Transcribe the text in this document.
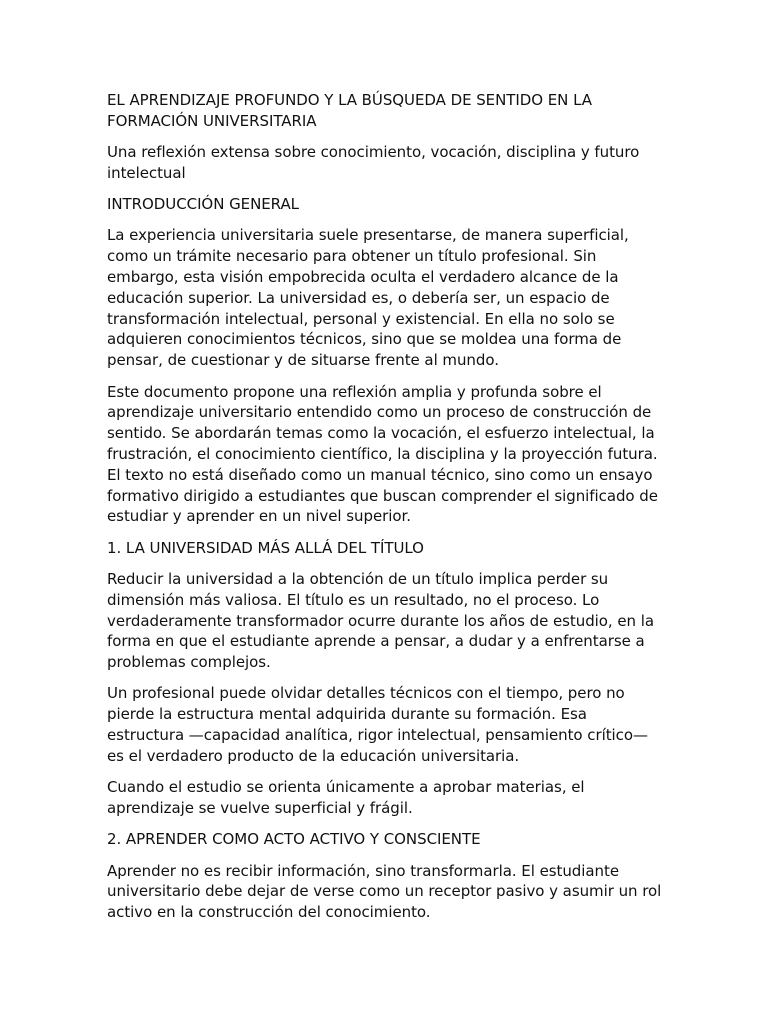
EL APRENDIZAJE PROFUNDO Y LA BÚSQUEDA DE SENTIDO EN LA FORMACIÓN UNIVERSITARIA

Una reflexión extensa sobre conocimiento, vocación, disciplina y futuro intelectual

INTRODUCCIÓN GENERAL

La experiencia universitaria suele presentarse, de manera superficial, como un trámite necesario para obtener un título profesional. Sin embargo, esta visión empobrecida oculta el verdadero alcance de la educación superior. La universidad es, o debería ser, un espacio de transformación intelectual, personal y existencial. En ella no solo se adquieren conocimientos técnicos, sino que se moldea una forma de pensar, de cuestionar y de situarse frente al mundo.

Este documento propone una reflexión amplia y profunda sobre el aprendizaje universitario entendido como un proceso de construcción de sentido. Se abordarán temas como la vocación, el esfuerzo intelectual, la frustración, el conocimiento científico, la disciplina y la proyección futura. El texto no está diseñado como un manual técnico, sino como un ensayo formativo dirigido a estudiantes que buscan comprender el significado de estudiar y aprender en un nivel superior.

1. LA UNIVERSIDAD MÁS ALLÁ DEL TÍTULO

Reducir la universidad a la obtención de un título implica perder su dimensión más valiosa. El título es un resultado, no el proceso. Lo verdaderamente transformador ocurre durante los años de estudio, en la forma en que el estudiante aprende a pensar, a dudar y a enfrentarse a problemas complejos.

Un profesional puede olvidar detalles técnicos con el tiempo, pero no pierde la estructura mental adquirida durante su formación. Esa estructura —capacidad analítica, rigor intelectual, pensamiento crítico— es el verdadero producto de la educación universitaria.

Cuando el estudio se orienta únicamente a aprobar materias, el aprendizaje se vuelve superficial y frágil.

2. APRENDER COMO ACTO ACTIVO Y CONSCIENTE

Aprender no es recibir información, sino transformarla. El estudiante universitario debe dejar de verse como un receptor pasivo y asumir un rol activo en la construcción del conocimiento.
